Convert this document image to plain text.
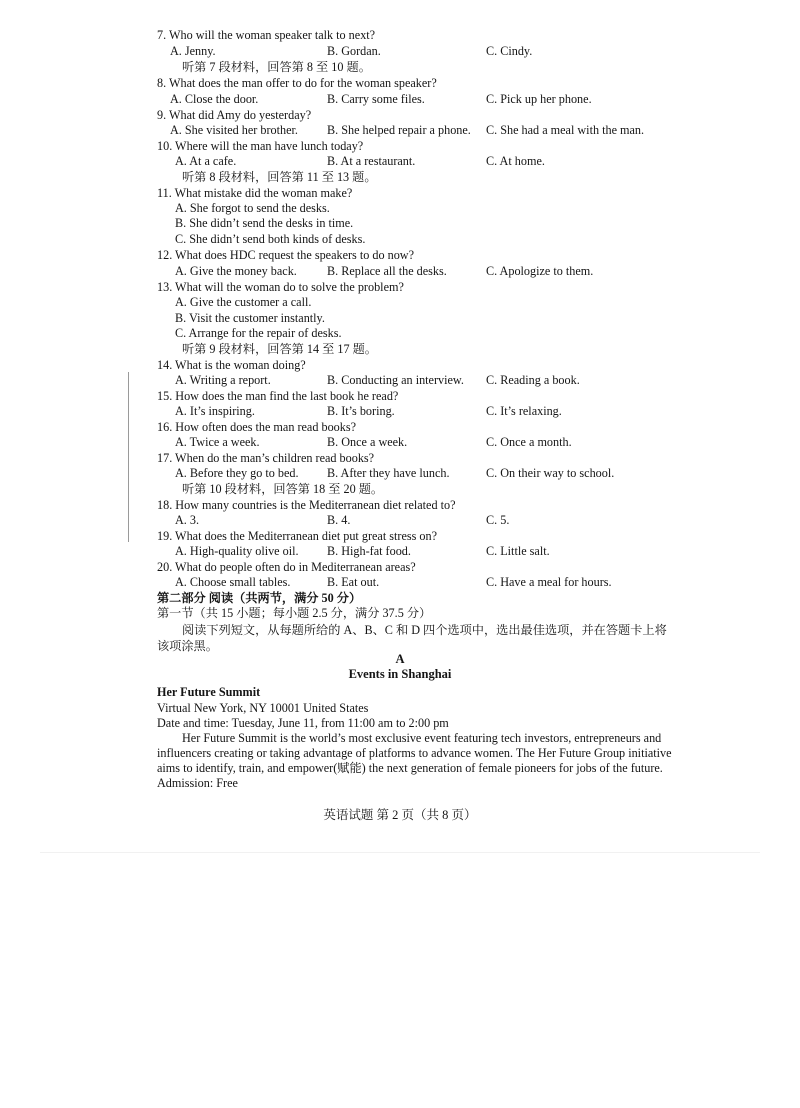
7. Who will the woman speaker talk to next?
A. Jenny.	B. Gordan.	C. Cindy.
听第 7 段材料，回答第 8 至 10 题。
8. What does the man offer to do for the woman speaker?
A. Close the door.	B. Carry some files.	C. Pick up her phone.
9. What did Amy do yesterday?
A. She visited her brother. B. She helped repair a phone. C. She had a meal with the man.
10. Where will the man have lunch today?
A. At a cafe.	B. At a restaurant.	C. At home.
听第 8 段材料，回答第 11 至 13 题。
11. What mistake did the woman make?
A. She forgot to send the desks.
B. She didn’t send the desks in time.
C. She didn’t send both kinds of desks.
12. What does HDC request the speakers to do now?
A. Give the money back. B. Replace all the desks.	C. Apologize to them.
13. What will the woman do to solve the problem?
A. Give the customer a call.
B. Visit the customer instantly.
C. Arrange for the repair of desks.
听第 9 段材料，回答第 14 至 17 题。
14. What is the woman doing?
A. Writing a report.	B. Conducting an interview. C. Reading a book.
15. How does the man find the last book he read?
A. It’s inspiring.	B. It’s boring.	C. It’s relaxing.
16. How often does the man read books?
A. Twice a week.	B. Once a week.	C. Once a month.
17. When do the man’s children read books?
A. Before they go to bed. B. After they have lunch.	C. On their way to school.
听第 10 段材料，回答第 18 至 20 题。
18. How many countries is the Mediterranean diet related to?
A. 3.	B. 4.	C. 5.
19. What does the Mediterranean diet put great stress on?
A. High-quality olive oil. B. High-fat food.	C. Little salt.
20. What do people often do in Mediterranean areas?
A. Choose small tables.	B. Eat out.	C. Have a meal for hours.
第二部分 阅读（共两节，满分 50 分）
第一节（共 15 小题；每小题 2.5 分，满分 37.5 分）
阅读下列短文，从每题所给的 A、B、C 和 D 四个选项中，选出最佳选项，并在答题卡上将
该项涂黑。
A
Events in Shanghai
Her Future Summit
Virtual New York, NY 10001 United States
Date and time: Tuesday, June 11, from 11:00 am to 2:00 pm
Her Future Summit is the world’s most exclusive event featuring tech investors, entrepreneurs and
influencers creating or taking advantage of platforms to advance women. The Her Future Group initiative
aims to identify, train, and empower(赋能) the next generation of female pioneers for jobs of the future.
Admission: Free
英语试题 第 2 页（共 8 页）
